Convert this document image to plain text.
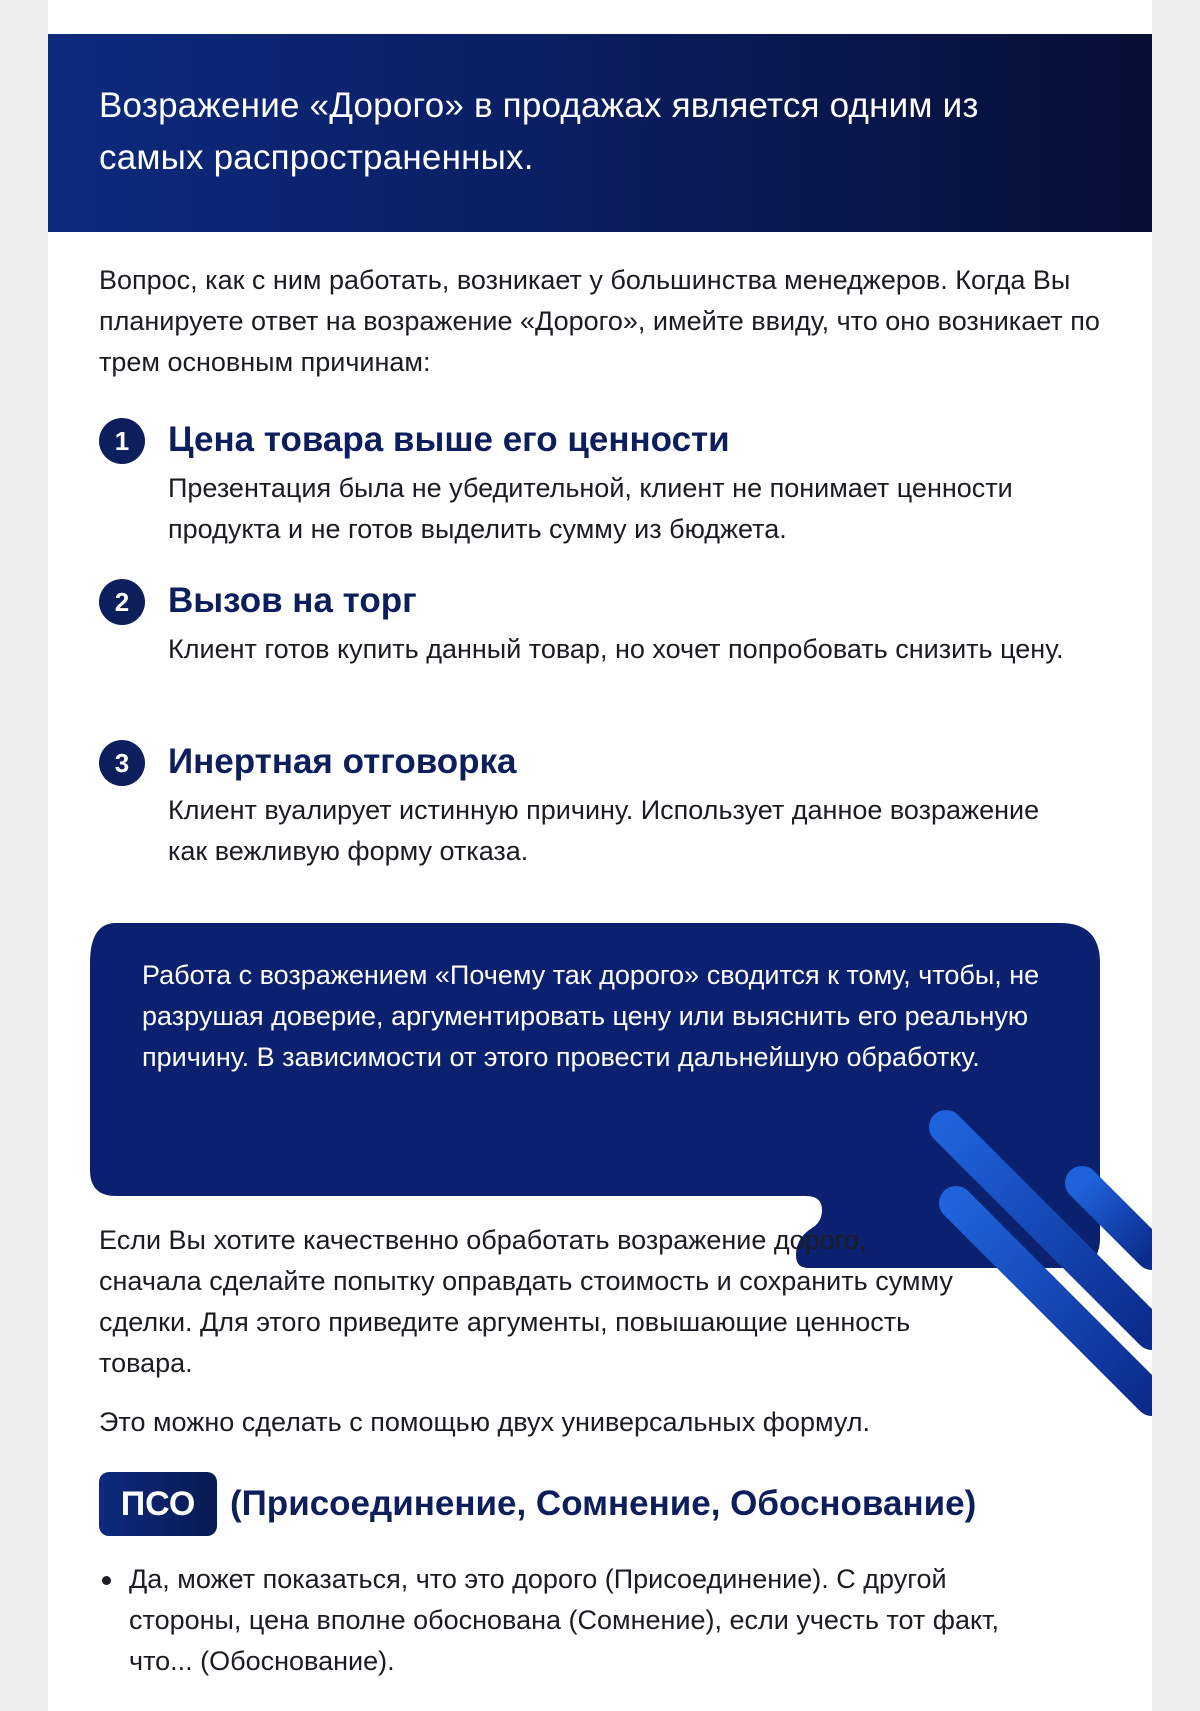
Возражение «Дорого» в продажах является одним из самых распространенных.

Вопрос, как с ним работать, возникает у большинства менеджеров. Когда Вы планируете ответ на возражение «Дорого», имейте ввиду, что оно возникает по трем основным причинам:

1	Цена товара выше его ценности

Презентация была не убедительной, клиент не понимает ценности продукта и не готов выделить сумму из бюджета.

2	Вызов на торг

Клиент готов купить данный товар, но хочет попробовать снизить цену.

3	Инертная отговорка

Клиент вуалирует истинную причину. Использует данное возражение как вежливую форму отказа.

Работа с возражением «Почему так дорого» сводится к тому, чтобы, не разрушая доверие, аргументировать цену или выяснить его реальную причину. В зависимости от этого провести дальнейшую обработку.

Если Вы хотите качественно обработать возражение дорого, сначала сделайте попытку оправдать стоимость и сохранить сумму сделки. Для этого приведите аргументы, повышающие ценность товара.

Это можно сделать с помощью двух универсальных формул.

ПСО (Присоединение, Сомнение, Обоснование)

Да, может показаться, что это дорого (Присоединение). С другой стороны, цена вполне обоснована (Сомнение), если учесть тот факт, что... (Обоснование).
